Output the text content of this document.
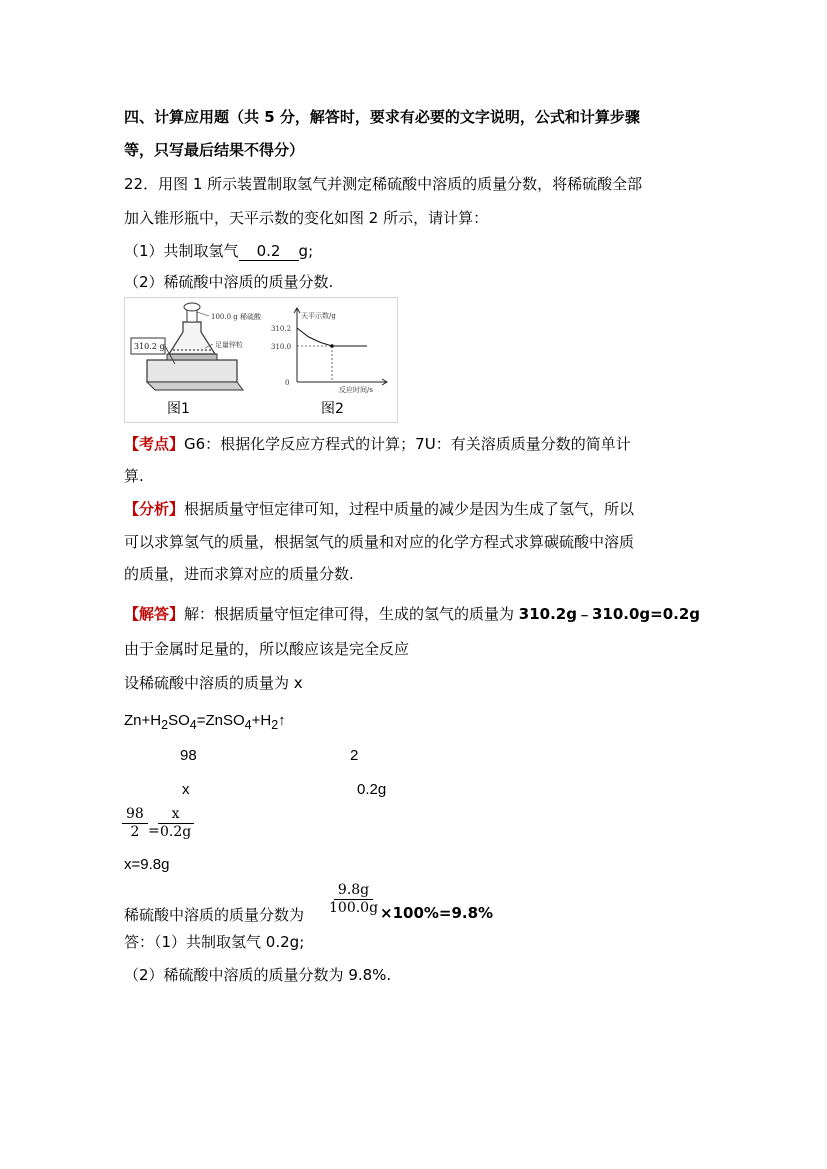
四、计算应用题（共 5 分，解答时，要求有必要的文字说明，公式和计算步骤
等，只写最后结果不得分）
22．用图 1 所示装置制取氢气并测定稀硫酸中溶质的质量分数，将稀硫酸全部
加入锥形瓶中，天平示数的变化如图 2 所示，请计算：
（1）共制取氢气 0.2 g;
（2）稀硫酸中溶质的质量分数.
100.0 g 稀硫酸
足量锌粒
310.2 g
天平示数/g
反应时间/s
310.2
310.0
0
图1	图2
【考点】G6：根据化学反应方程式的计算；7U：有关溶质质量分数的简单计
算.
【分析】根据质量守恒定律可知，过程中质量的减少是因为生成了氢气，所以
可以求算氢气的质量，根据氢气的质量和对应的化学方程式求算碳硫酸中溶质
的质量，进而求算对应的质量分数.
【解答】解：根据质量守恒定律可得，生成的氢气的质量为 310.2g﹣310.0g=0.2g
由于金属时足量的，所以酸应该是完全反应
设稀硫酸中溶质的质量为 x
$Zn+H_2SO_4=ZnSO_4+H_2↑$
98	2
x	0.2g
$\frac{98}{2}$ =
$\frac{x}{0.2g}$
x=9.8g
稀硫酸中溶质的质量分数为 $\frac{9.8g}{100.0g}$
×100%=9.8%
答：（1）共制取氢气 0.2g;
（2）稀硫酸中溶质的质量分数为 9.8%.
